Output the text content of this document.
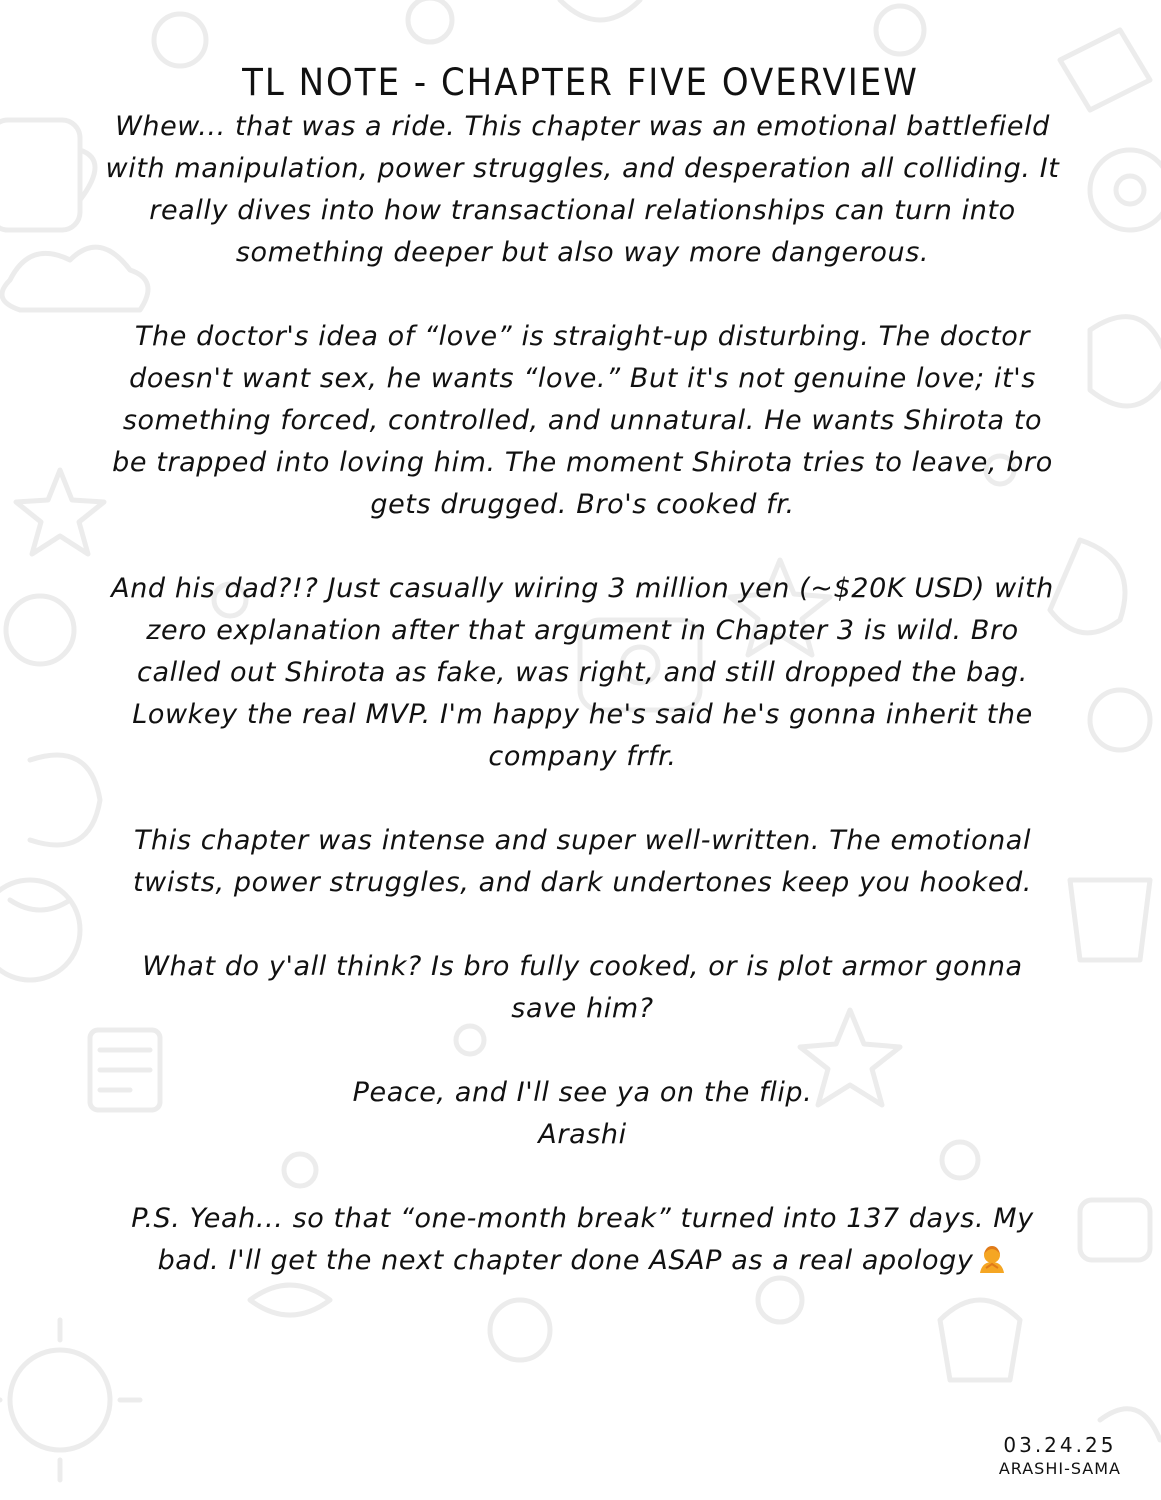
TL NOTE - CHAPTER FIVE OVERVIEW

Whew... that was a ride. This chapter was an emotional battlefield with manipulation, power struggles, and desperation all colliding. It really dives into how transactional relationships can turn into something deeper but also way more dangerous.

The doctor's idea of “love” is straight-up disturbing. The doctor doesn't want sex, he wants “love.” But it's not genuine love; it's something forced, controlled, and unnatural. He wants Shirota to be trapped into loving him. The moment Shirota tries to leave, bro gets drugged. Bro's cooked fr.

And his dad?!? Just casually wiring 3 million yen (~$20K USD) with zero explanation after that argument in Chapter 3 is wild. Bro called out Shirota as fake, was right, and still dropped the bag. Lowkey the real MVP. I'm happy he's said he's gonna inherit the company frfr.

This chapter was intense and super well-written. The emotional twists, power struggles, and dark undertones keep you hooked.

What do y'all think? Is bro fully cooked, or is plot armor gonna save him?

Peace, and I'll see ya on the flip.
Arashi

P.S. Yeah... so that “one-month break” turned into 137 days. My bad. I'll get the next chapter done ASAP as a real apology

03.24.25
ARASHI-SAMA
